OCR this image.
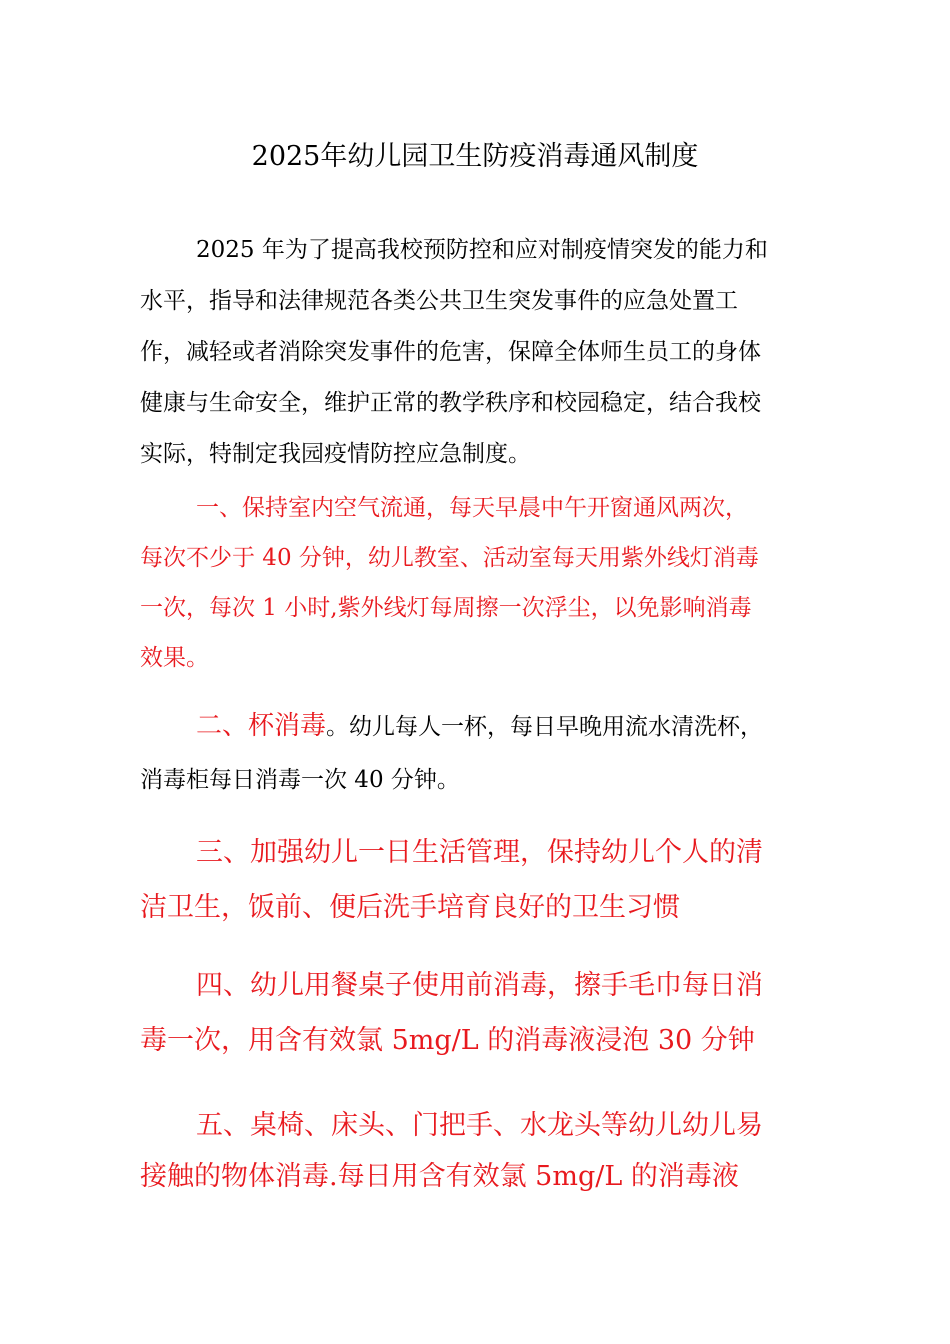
2025年幼儿园卫生防疫消毒通风制度
2025 年为了提高我校预防控和应对制疫情突发的能力和
水平，指导和法律规范各类公共卫生突发事件的应急处置工
作，减轻或者消除突发事件的危害，保障全体师生员工的身体
健康与生命安全，维护正常的教学秩序和校园稳定，结合我校
实际，特制定我园疫情防控应急制度。
一、保持室内空气流通，每天早晨中午开窗通风两次，
每次不少于 40 分钟，幼儿教室、活动室每天用紫外线灯消毒
一次，每次 1 小时,紫外线灯每周擦一次浮尘，以免影响消毒
效果。
二、杯消毒。幼儿每人一杯，每日早晚用流水清洗杯，
消毒柜每日消毒一次 40 分钟。
三、加强幼儿一日生活管理，保持幼儿个人的清
洁卫生，饭前、便后洗手培育良好的卫生习惯
四、幼儿用餐桌子使用前消毒，擦手毛巾每日消
毒一次，用含有效氯 5mg/L 的消毒液浸泡 30 分钟
五、桌椅、床头、门把手、水龙头等幼儿幼儿易
接触的物体消毒.每日用含有效氯 5mg/L 的消毒液
